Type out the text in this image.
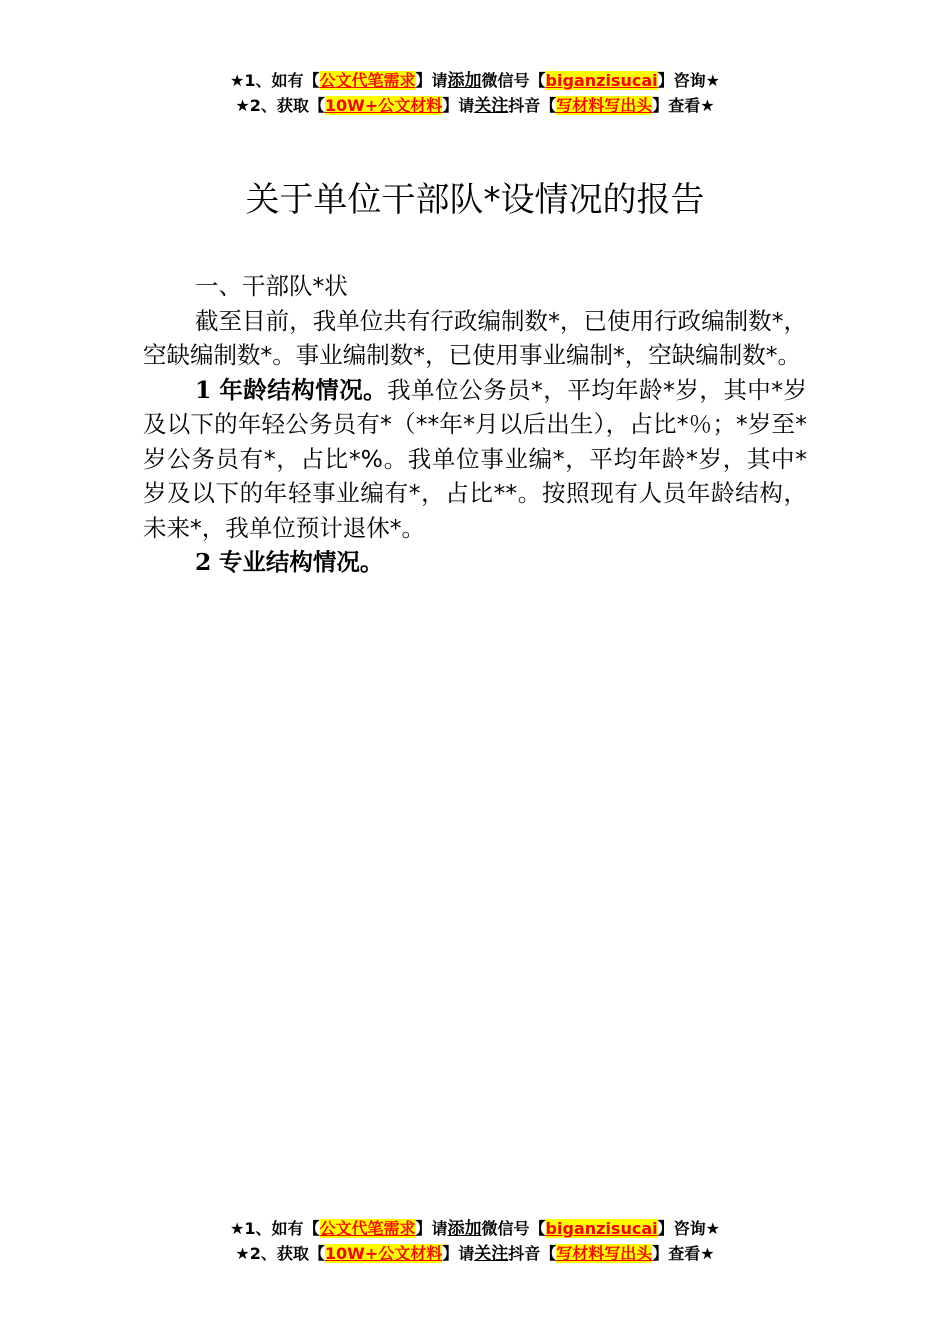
★1、如有【公文代笔需求】请添加微信号【biganzisucai】咨询★
★2、获取【10W+公文材料】请关注抖音【写材料写出头】查看★
关于单位干部队*设情况的报告

一、干部队*状

截至目前，我单位共有行政编制数*，已使用行政编制数*，空缺编制数*。事业编制数*，已使用事业编制*，空缺编制数*。

1 年龄结构情况。我单位公务员*，平均年龄*岁，其中*岁及以下的年轻公务员有*（**年*月以后出生），占比*％；*岁至*岁公务员有*，占比*%。我单位事业编*，平均年龄*岁，其中*岁及以下的年轻事业编有*，占比**。按照现有人员年龄结构，未来*，我单位预计退休*。

2 专业结构情况。

★1、如有【公文代笔需求】请添加微信号【biganzisucai】咨询★
★2、获取【10W+公文材料】请关注抖音【写材料写出头】查看★
